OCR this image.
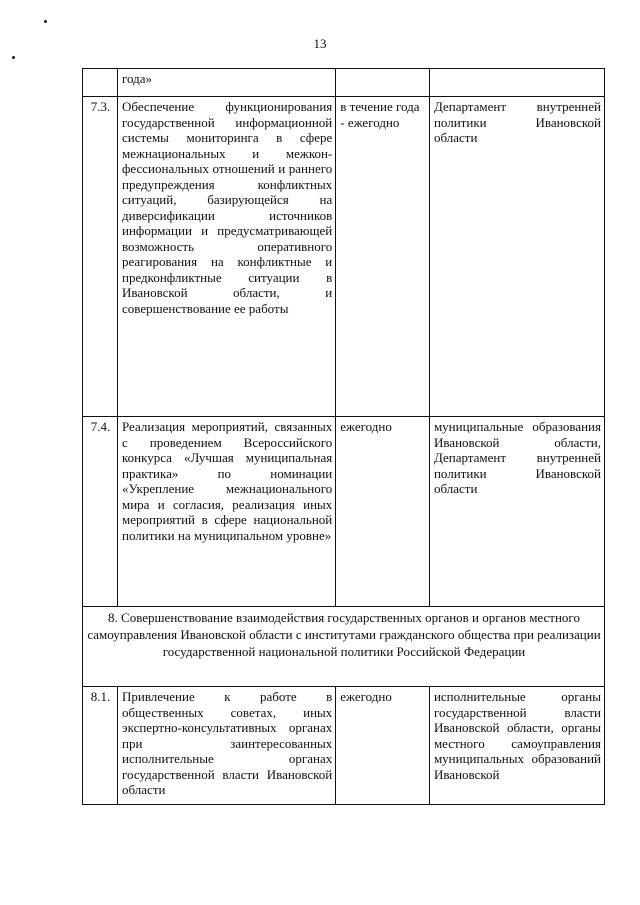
13
	года»		
7.3.	Обеспечение функционирования государственной информационной системы мониторинга в сфере межнациональных и межкон-фессиональных отношений и раннего предупреждения конфликтных ситуаций, базирующейся на диверсификации источников информации и предусматривающей возможность оперативного реагирования на конфликтные и предконфликтные ситуации в Ивановской области, и совершенствование ее работы	в течение года - ежегодно	Департамент внутренней политики Ивановской области
7.4.	Реализация мероприятий, связанных с проведением Всероссийского конкурса «Лучшая муниципальная практика» по номинации «Укрепление межнационального мира и согласия, реализация иных мероприятий в сфере национальной политики на муниципальном уровне»	ежегодно	муниципальные образования Ивановской области, Департамент внутренней политики Ивановской области
8. Совершенствование взаимодействия государственных органов и органов местного самоуправления Ивановской области с институтами гражданского общества при реализации государственной национальной политики Российской Федерации			
8.1.	Привлечение к работе в общественных советах, иных экспертно-консультативных органах при заинтересованных исполнительные органах государственной власти Ивановской области	ежегодно	исполнительные органы государственной власти Ивановской области, органы местного самоуправления муниципальных образований Ивановской
